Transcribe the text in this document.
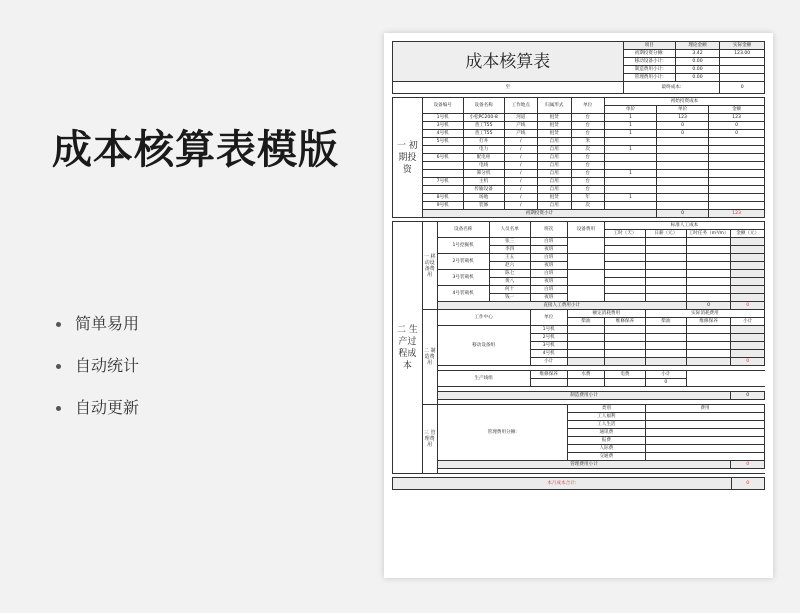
成本核算表模版
简单易用
自动统计
自动更新
成本核算表	项目	理论金额	实际金额
	初期投资分摊:	3.42	123.00
	移动设备小计:	0.00	
	制造费用小计:	0.00	
	管理费用小计:	0.00	
至	最终成本:		0
一 初期投资	设备编号	设备名称	工作地点	归属形式	单位	初始投资成本		
						单价	单价	金额
	1号机	小松PC200-8	河道	租赁	台	1	123	123
	3号机	普工T55	产线	租赁	台	1	0	0
	4号机	普工T55	产线	租赁	台	1	0	0
	5号机	打井	/	自用	米			
		电力	/	自用	次	1		
	6号机	配电柜	/	自用	台			
		电线	/	自用	台			
		筛分机	/	自用	台	1		
	7号机	主机	/	自用	台			
		传输设备	/	自用	台			
	8号机	场地	/	租赁	年	1		
	9号机	装修	/	自用	次			
	初期投资小计						0	123
二 生产过程成本	一 移动设备费用	设备名称	人员名单	班次	设备费用	标准人工成本			
						工时（天）	日薪（元）	工时任务（m³/m）	金额（元）
		1号挖掘机	张三	白班					
			李四	夜班					
		2号装载机	王五	白班					
			赵六	夜班					
		3号装载机	陈七	白班					
			黄八	夜班					
		4号装载机	何十	白班					
			钱一	夜班					
		直接人工费用小计						0	0
	二 制造费用	工作中心		单位	额定消耗费用		实际消耗费用		
					柴油	维修保养	柴油	维修保养	小计
		移动设备组		1号机					
				2号机					
				3号机					
				4号机					
				小计					0

		生产线组		维修保养	水费	电费	小计		
							0		

		制造费用小计							0

	三 管理费用	管理费用分摊:			类别		费用		

					工人福利				
					工人生活				
					通讯费				
					报费				
					人际费				
					交通费				
		管理费用小计							0

本月成本合计:	0
